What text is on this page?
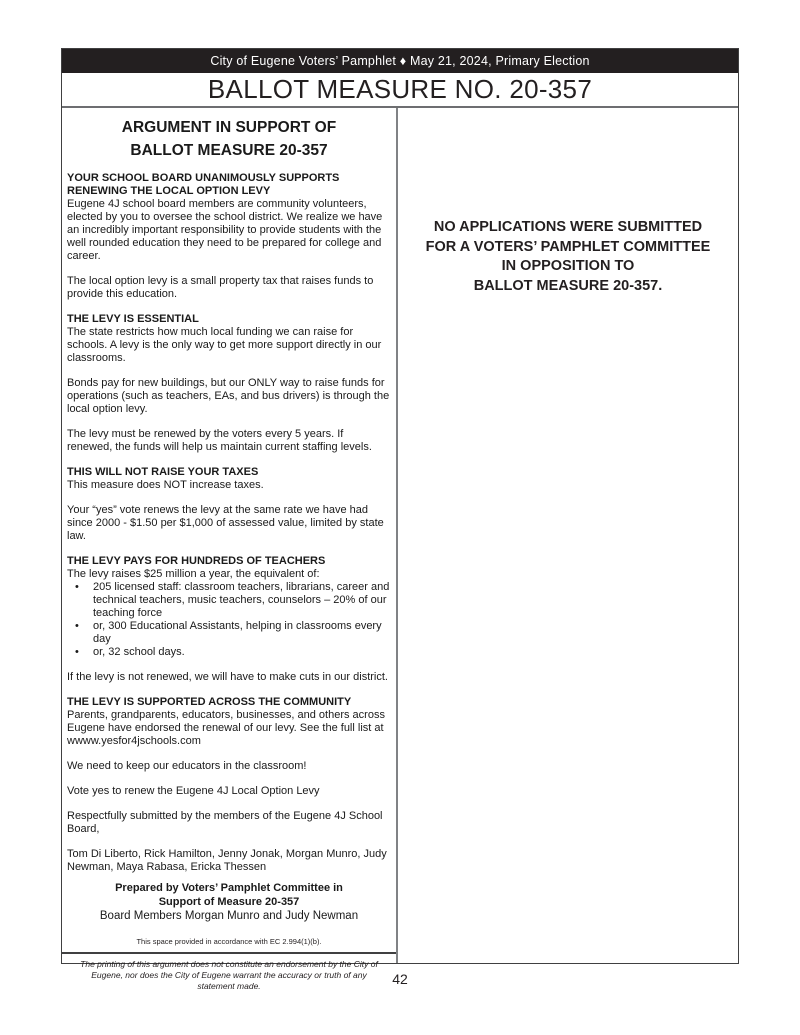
City of Eugene Voters’ Pamphlet ♦ May 21, 2024, Primary Election
BALLOT MEASURE NO. 20-357
ARGUMENT IN SUPPORT OF
BALLOT MEASURE 20-357

YOUR SCHOOL BOARD UNANIMOUSLY SUPPORTS RENEWING THE LOCAL OPTION LEVY

Eugene 4J school board members are community volunteers, elected by you to oversee the school district. We realize we have an incredibly important responsibility to provide students with the well rounded education they need to be prepared for college and career.

The local option levy is a small property tax that raises funds to provide this education.

THE LEVY IS ESSENTIAL

The state restricts how much local funding we can raise for schools. A levy is the only way to get more support directly in our classrooms.

Bonds pay for new buildings, but our ONLY way to raise funds for operations (such as teachers, EAs, and bus drivers) is through the local option levy.

The levy must be renewed by the voters every 5 years. If renewed, the funds will help us maintain current staffing levels.

THIS WILL NOT RAISE YOUR TAXES

This measure does NOT increase taxes.

Your “yes” vote renews the levy at the same rate we have had since 2000 - $1.50 per $1,000 of assessed value, limited by state law.

THE LEVY PAYS FOR HUNDREDS OF TEACHERS

The levy raises $25 million a year, the equivalent of:

• 205 licensed staff: classroom teachers, librarians, career and technical teachers, music teachers, counselors – 20% of our teaching force
• or, 300 Educational Assistants, helping in classrooms every day
• or, 32 school days.

If the levy is not renewed, we will have to make cuts in our district.

THE LEVY IS SUPPORTED ACROSS THE COMMUNITY

Parents, grandparents, educators, businesses, and others across Eugene have endorsed the renewal of our levy. See the full list at wwww.yesfor4jschools.com

We need to keep our educators in the classroom!

Vote yes to renew the Eugene 4J Local Option Levy

Respectfully submitted by the members of the Eugene 4J School Board,

Tom Di Liberto, Rick Hamilton, Jenny Jonak, Morgan Munro, Judy Newman, Maya Rabasa, Ericka Thessen

Prepared by Voters’ Pamphlet Committee in
Support of Measure 20-357
Board Members Morgan Munro and Judy Newman
This space provided in accordance with EC 2.994(1)(b).
The printing of this argument does not constitute an endorsement by the City of Eugene, nor does the City of Eugene warrant the accuracy or truth of any statement made.
NO APPLICATIONS WERE SUBMITTED
FOR A VOTERS’ PAMPHLET COMMITTEE
IN OPPOSITION TO
BALLOT MEASURE 20-357.
42
